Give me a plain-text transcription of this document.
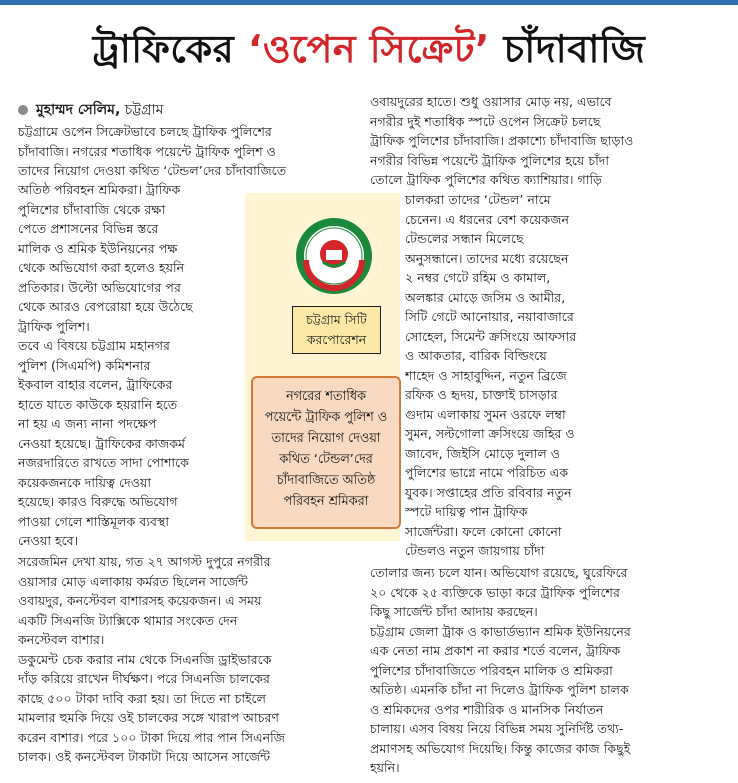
ট্রাফিকের ‘ওপেন সিক্রেট’ চাঁদাবাজি
মুহাম্মদ সেলিম, চট্টগ্রাম
চট্টগ্রামে ওপেন সিক্রেটভাবে চলছে ট্রাফিক পুলিশের
চাঁদাবাজি। নগরের শতাধিক পয়েন্টে ট্রাফিক পুলিশ ও
তাদের নিয়োগ দেওয়া কথিত ‘টেন্ডল’দের চাঁদাবাজিতে
অতিষ্ঠ পরিবহন শ্রমিকরা। ট্রাফিক
পুলিশের চাঁদাবাজি থেকে রক্ষা
পেতে প্রশাসনের বিভিন্ন স্তরে
মালিক ও শ্রমিক ইউনিয়নের পক্ষ
থেকে অভিযোগ করা হলেও হয়নি
প্রতিকার। উল্টো অভিযোগের পর
থেকে আরও বেপরোয়া হয়ে উঠেছে
ট্রাফিক পুলিশ।
তবে এ বিষয়ে চট্টগ্রাম মহানগর
পুলিশ (সিএমপি) কমিশনার
ইকবাল বাহার বলেন, ট্রাফিকের
হাতে যাতে কাউকে হয়রানি হতে
না হয় এ জন্য নানা পদক্ষেপ
নেওয়া হয়েছে। ট্রাফিকের কাজকর্ম
নজরদারিতে রাখতে সাদা পোশাকে
কয়েকজনকে দায়িত্ব দেওয়া
হয়েছে। কারও বিরুদ্ধে অভিযোগ
পাওয়া গেলে শাস্তিমূলক ব্যবস্থা
নেওয়া হবে।
সরেজমিন দেখা যায়, গত ২৭ আগস্ট দুপুরে নগরীর
ওয়াসার মোড় এলাকায় কর্মরত ছিলেন সার্জেন্ট
ওবায়দুর, কনস্টেবল বাশারসহ কয়েকজন। এ সময়
একটি সিএনজি ট্যাক্সিকে থামার সংকেত দেন
কনস্টেবল বাশার।
ডকুমেন্ট চেক করার নাম থেকে সিএনজি ড্রাইভারকে
দাঁড় করিয়ে রাখেন দীর্ঘক্ষণ। পরে সিএনজি চালকের
কাছে ৫০০ টাকা দাবি করা হয়। তা দিতে না চাইলে
মামলার হুমকি দিয়ে ওই চালকের সঙ্গে খারাপ আচরণ
করেন বাশার। পরে ১০০ টাকা দিয়ে পার পান সিএনজি
চালক। ওই কনস্টেবল টাকাটা দিয়ে আসেন সার্জেন্ট
চট্টগ্রাম সিটি
করপোরেশন
নগরের শতাধিক
পয়েন্টে ট্রাফিক পুলিশ ও
তাদের নিয়োগ দেওয়া
কথিত ‘টেন্ডল’দের
চাঁদাবাজিতে অতিষ্ঠ
পরিবহন শ্রমিকরা
ওবায়দুরের হাতে। শুধু ওয়াসার মোড় নয়, এভাবে
নগরীর দুই শতাধিক স্পটে ওপেন সিক্রেট চলছে
ট্রাফিক পুলিশের চাঁদাবাজি। প্রকাশ্যে চাঁদাবাজি ছাড়াও
নগরীর বিভিন্ন পয়েন্টে ট্রাফিক পুলিশের হয়ে চাঁদা
তোলে ট্রাফিক পুলিশের কথিত ক্যাশিয়ার। গাড়ি
চালকরা তাদের ‘টেন্ডল’ নামে
চেনেন। এ ধরনের বেশ কয়েকজন
টেন্ডলের সন্ধান মিলেছে
অনুসন্ধানে। তাদের মধ্যে রয়েছেন
২ নম্বর গেটে রহিম ও কামাল,
অলঙ্কার মোড়ে জসিম ও আমীর,
সিটি গেটে আনোয়ার, নয়াবাজারে
সোহেল, সিমেন্ট ক্রসিংয়ে আফসার
ও আকতার, বারিক বিল্ডিংয়ে
শাহেদ ও সাহাবুদ্দিন, নতুন ব্রিজে
রফিক ও হৃদয়, চাক্তাই চাসড়ার
গুদাম এলাকায় সুমন ওরফে লম্বা
সুমন, সল্টগোলা ক্রসিংয়ে জহির ও
জাবেদ, জিইসি মোড়ে দুলাল ও
পুলিশের ভাগ্নে নামে পরিচিত এক
যুবক। সপ্তাহের প্রতি রবিবার নতুন
স্পটে দায়িত্ব পান ট্রাফিক
সার্জেন্টরা। ফলে কোনো কোনো
টেন্ডলও নতুন জায়গায় চাঁদা
তোলার জন্য চলে যান। অভিযোগ রয়েছে, ঘুরেফিরে
২০ থেকে ২৫ ব্যক্তিকে ভাড়া করে ট্রাফিক পুলিশের
কিছু সার্জেন্ট চাঁদা আদায় করছেন।
চট্টগ্রাম জেলা ট্রাক ও কাভার্ডভ্যান শ্রমিক ইউনিয়নের
এক নেতা নাম প্রকাশ না করার শর্তে বলেন, ট্রাফিক
পুলিশের চাঁদাবাজিতে পরিবহন মালিক ও শ্রমিকরা
অতিষ্ঠ। এমনকি চাঁদা না দিলেও ট্রাফিক পুলিশ চালক
ও শ্রমিকদের ওপর শারীরিক ও মানসিক নির্যাতন
চালায়। এসব বিষয় নিয়ে বিভিন্ন সময় সুনির্দিষ্ট তথ্য-
প্রমাণসহ অভিযোগ দিয়েছি। কিন্তু কাজের কাজ কিছুই
হয়নি।
